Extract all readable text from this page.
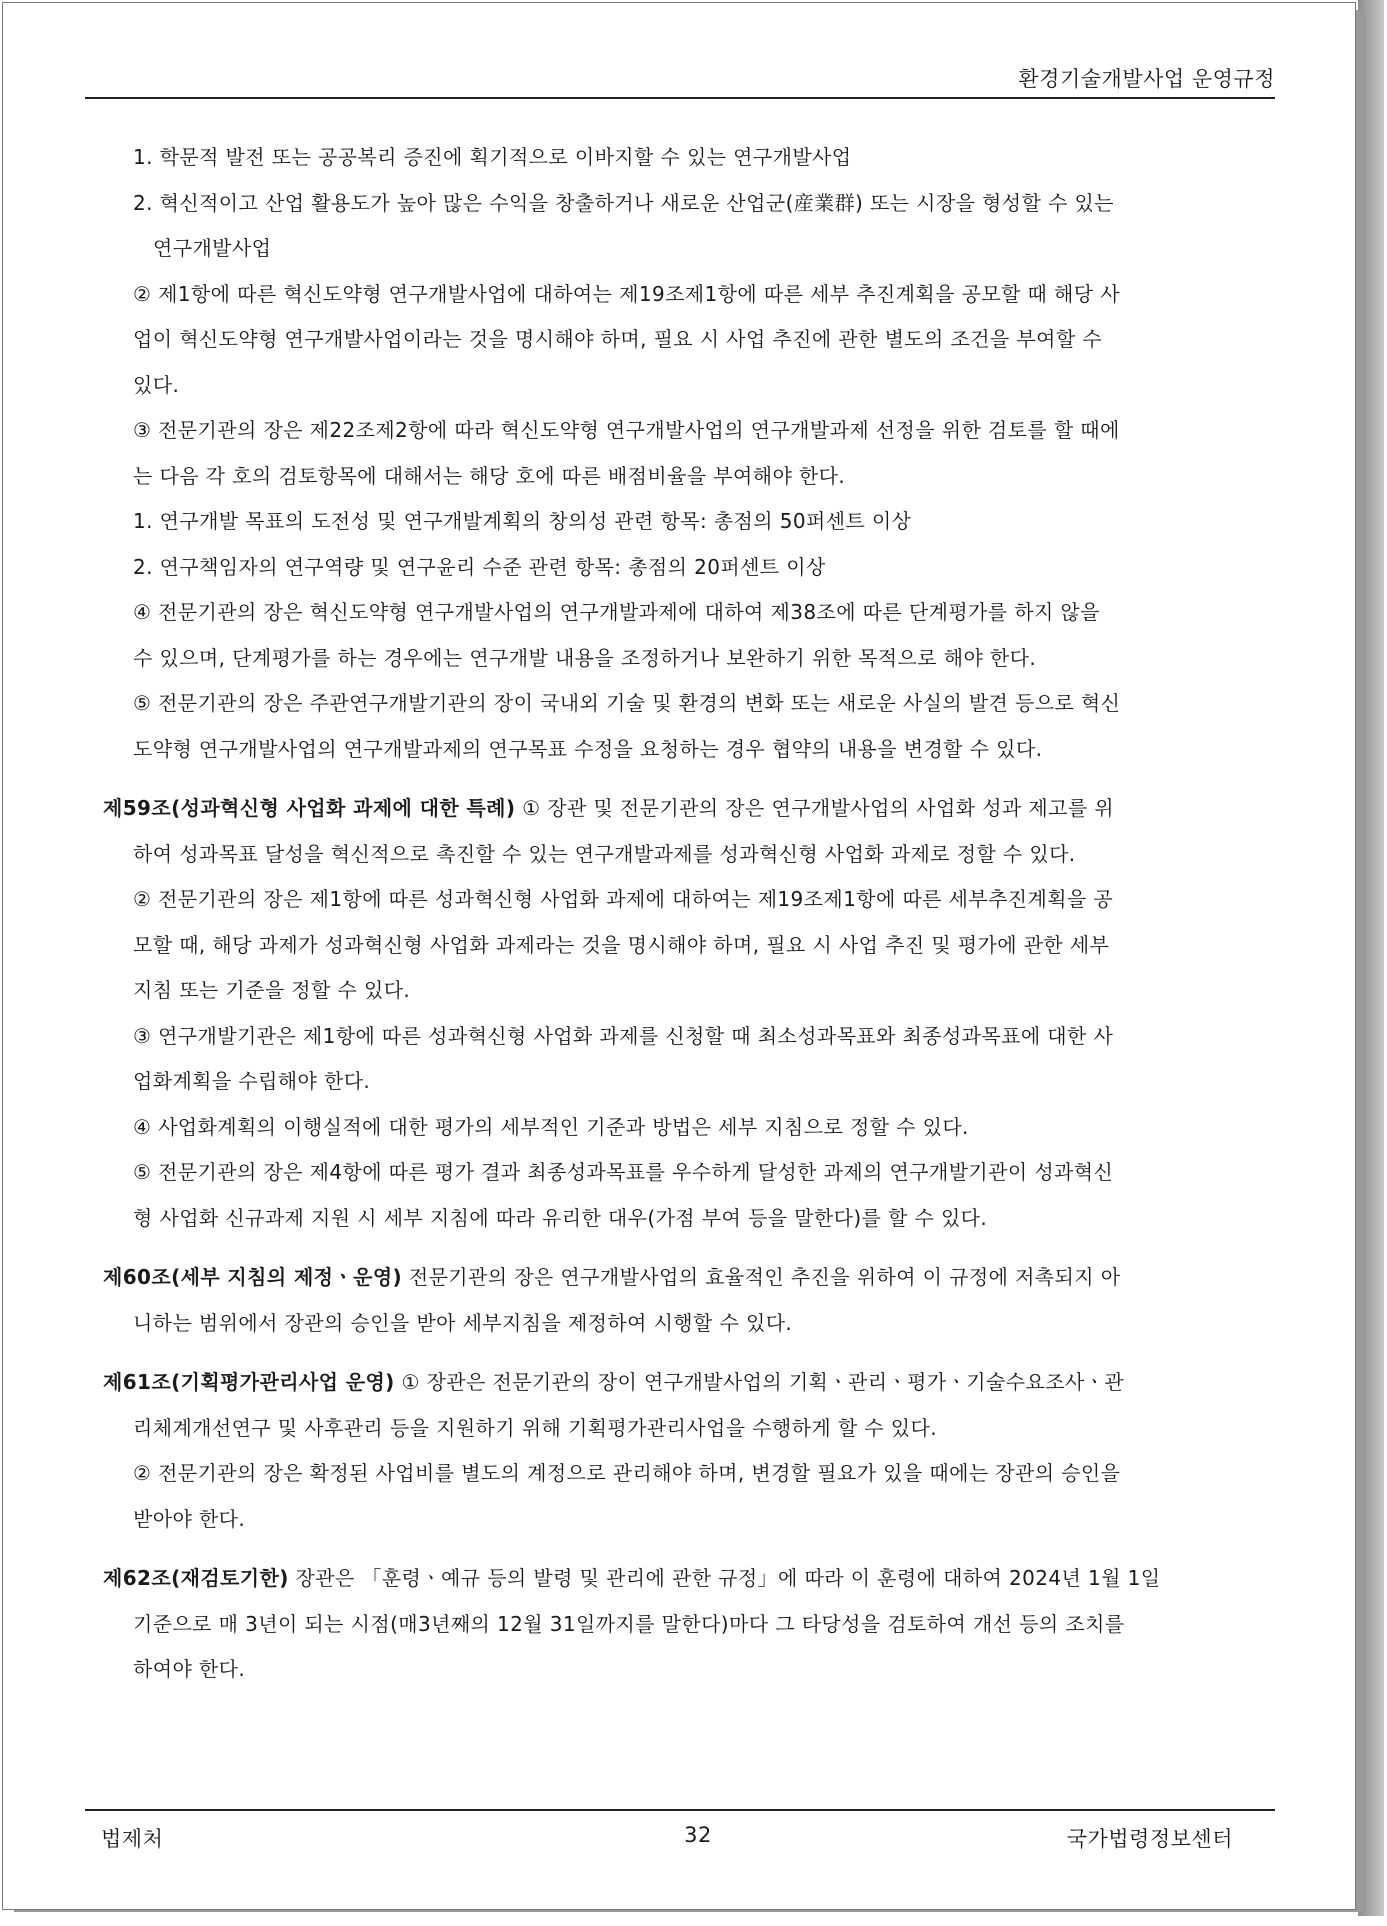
환경기술개발사업 운영규정

1. 학문적 발전 또는 공공복리 증진에 획기적으로 이바지할 수 있는 연구개발사업

2. 혁신적이고 산업 활용도가 높아 많은 수익을 창출하거나 새로운 산업군(産業群) 또는 시장을 형성할 수 있는

연구개발사업

② 제1항에 따른 혁신도약형 연구개발사업에 대하여는 제19조제1항에 따른 세부 추진계획을 공모할 때 해당 사

업이 혁신도약형 연구개발사업이라는 것을 명시해야 하며, 필요 시 사업 추진에 관한 별도의 조건을 부여할 수

있다.

③ 전문기관의 장은 제22조제2항에 따라 혁신도약형 연구개발사업의 연구개발과제 선정을 위한 검토를 할 때에

는 다음 각 호의 검토항목에 대해서는 해당 호에 따른 배점비율을 부여해야 한다.

1. 연구개발 목표의 도전성 및 연구개발계획의 창의성 관련 항목: 총점의 50퍼센트 이상

2. 연구책임자의 연구역량 및 연구윤리 수준 관련 항목: 총점의 20퍼센트 이상

④ 전문기관의 장은 혁신도약형 연구개발사업의 연구개발과제에 대하여 제38조에 따른 단계평가를 하지 않을

수 있으며, 단계평가를 하는 경우에는 연구개발 내용을 조정하거나 보완하기 위한 목적으로 해야 한다.

⑤ 전문기관의 장은 주관연구개발기관의 장이 국내외 기술 및 환경의 변화 또는 새로운 사실의 발견 등으로 혁신

도약형 연구개발사업의 연구개발과제의 연구목표 수정을 요청하는 경우 협약의 내용을 변경할 수 있다.

제59조(성과혁신형 사업화 과제에 대한 특례) ① 장관 및 전문기관의 장은 연구개발사업의 사업화 성과 제고를 위

하여 성과목표 달성을 혁신적으로 촉진할 수 있는 연구개발과제를 성과혁신형 사업화 과제로 정할 수 있다.

② 전문기관의 장은 제1항에 따른 성과혁신형 사업화 과제에 대하여는 제19조제1항에 따른 세부추진계획을 공

모할 때, 해당 과제가 성과혁신형 사업화 과제라는 것을 명시해야 하며, 필요 시 사업 추진 및 평가에 관한 세부

지침 또는 기준을 정할 수 있다.

③ 연구개발기관은 제1항에 따른 성과혁신형 사업화 과제를 신청할 때 최소성과목표와 최종성과목표에 대한 사

업화계획을 수립해야 한다.

④ 사업화계획의 이행실적에 대한 평가의 세부적인 기준과 방법은 세부 지침으로 정할 수 있다.

⑤ 전문기관의 장은 제4항에 따른 평가 결과 최종성과목표를 우수하게 달성한 과제의 연구개발기관이 성과혁신

형 사업화 신규과제 지원 시 세부 지침에 따라 유리한 대우(가점 부여 등을 말한다)를 할 수 있다.

제60조(세부 지침의 제정ㆍ운영) 전문기관의 장은 연구개발사업의 효율적인 추진을 위하여 이 규정에 저촉되지 아

니하는 범위에서 장관의 승인을 받아 세부지침을 제정하여 시행할 수 있다.

제61조(기획평가관리사업 운영) ① 장관은 전문기관의 장이 연구개발사업의 기획ㆍ관리ㆍ평가ㆍ기술수요조사ㆍ관

리체계개선연구 및 사후관리 등을 지원하기 위해 기획평가관리사업을 수행하게 할 수 있다.

② 전문기관의 장은 확정된 사업비를 별도의 계정으로 관리해야 하며, 변경할 필요가 있을 때에는 장관의 승인을

받아야 한다.

제62조(재검토기한) 장관은 「훈령ㆍ예규 등의 발령 및 관리에 관한 규정」에 따라 이 훈령에 대하여 2024년 1월 1일

기준으로 매 3년이 되는 시점(매3년째의 12월 31일까지를 말한다)마다 그 타당성을 검토하여 개선 등의 조치를

하여야 한다.

법제처	32	국가법령정보센터
